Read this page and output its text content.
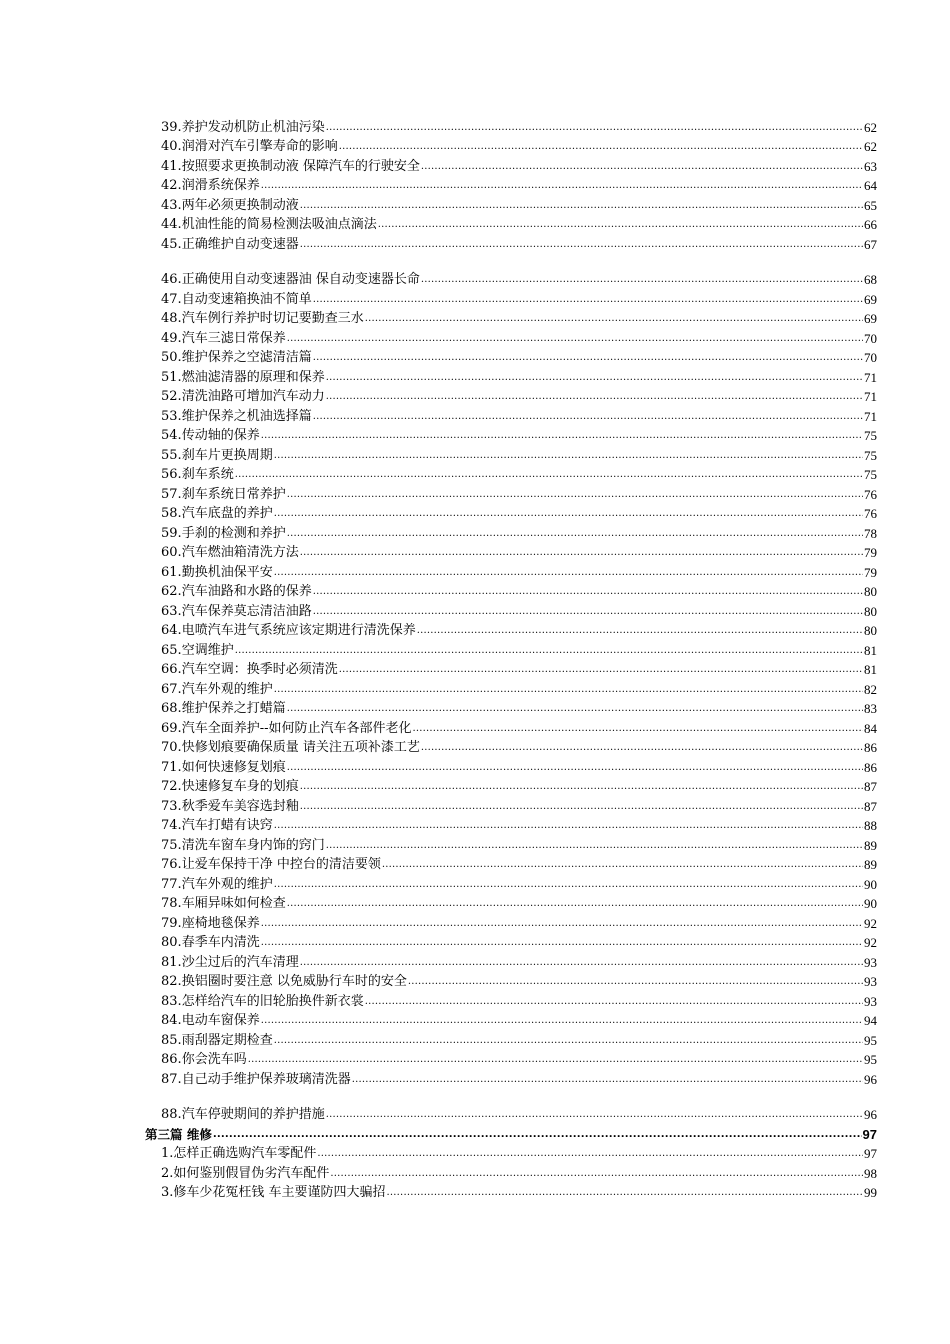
39. 养护发动机防止机油污染 .....	62
40. 润滑对汽车引擎寿命的影响 .....	62
41. 按照要求更换制动液 保障汽车的行驶安全 .....	63
42. 润滑系统保养 .....	64
43. 两年必须更换制动液 .....	65
44. 机油性能的简易检测法吸油点滴法 .....	66
45. 正确维护自动变速器 .....	67
46. 正确使用自动变速器油 保自动变速器长命 .....	68
47. 自动变速箱换油不简单 .....	69
48. 汽车例行养护时切记要勤查三水 .....	69
49. 汽车三滤日常保养 .....	70
50. 维护保养之空滤清洁篇 .....	70
51. 燃油滤清器的原理和保养 .....	71
52. 清洗油路可增加汽车动力 .....	71
53. 维护保养之机油选择篇 .....	71
54. 传动轴的保养 .....	75
55. 刹车片更换周期 .....	75
56. 刹车系统 .....	75
57. 刹车系统日常养护 .....	76
58. 汽车底盘的养护 .....	76
59. 手刹的检测和养护 .....	78
60. 汽车燃油箱清洗方法 .....	79
61. 勤换机油保平安 .....	79
62. 汽车油路和水路的保养 .....	80
63. 汽车保养莫忘清洁油路 .....	80
64. 电喷汽车进气系统应该定期进行清洗保养 .....	80
65. 空调维护 .....	81
66. 汽车空调：换季时必须清洗 .....	81
67. 汽车外观的维护 .....	82
68. 维护保养之打蜡篇 .....	83
69. 汽车全面养护--如何防止汽车各部件老化 .....	84
70. 快修划痕要确保质量 请关注五项补漆工艺 .....	86
71. 如何快速修复划痕 .....	86
72. 快速修复车身的划痕 .....	87
73. 秋季爱车美容选封釉 .....	87
74. 汽车打蜡有诀窍 .....	88
75. 清洗车窗车身内饰的窍门 .....	89
76. 让爱车保持干净 中控台的清洁要领 .....	89
77. 汽车外观的维护 .....	90
78. 车厢异味如何检查 .....	90
79. 座椅地毯保养 .....	92
80. 春季车内清洗 .....	92
81. 沙尘过后的汽车清理 .....	93
82. 换铝圈时要注意 以免威胁行车时的安全 .....	93
83. 怎样给汽车的旧轮胎换件新衣裳 .....	93
84. 电动车窗保养 .....	94
85. 雨刮器定期检查 .....	95
86. 你会洗车吗 .....	95
87. 自己动手维护保养玻璃清洗器 .....	96
88. 汽车停驶期间的养护措施 .....	96
第三篇 维修 .....	97
1. 怎样正确选购汽车零配件 .....	97
2. 如何鉴别假冒伪劣汽车配件 .....	98
3. 修车少花冤枉钱 车主要谨防四大骗招 .....	99
